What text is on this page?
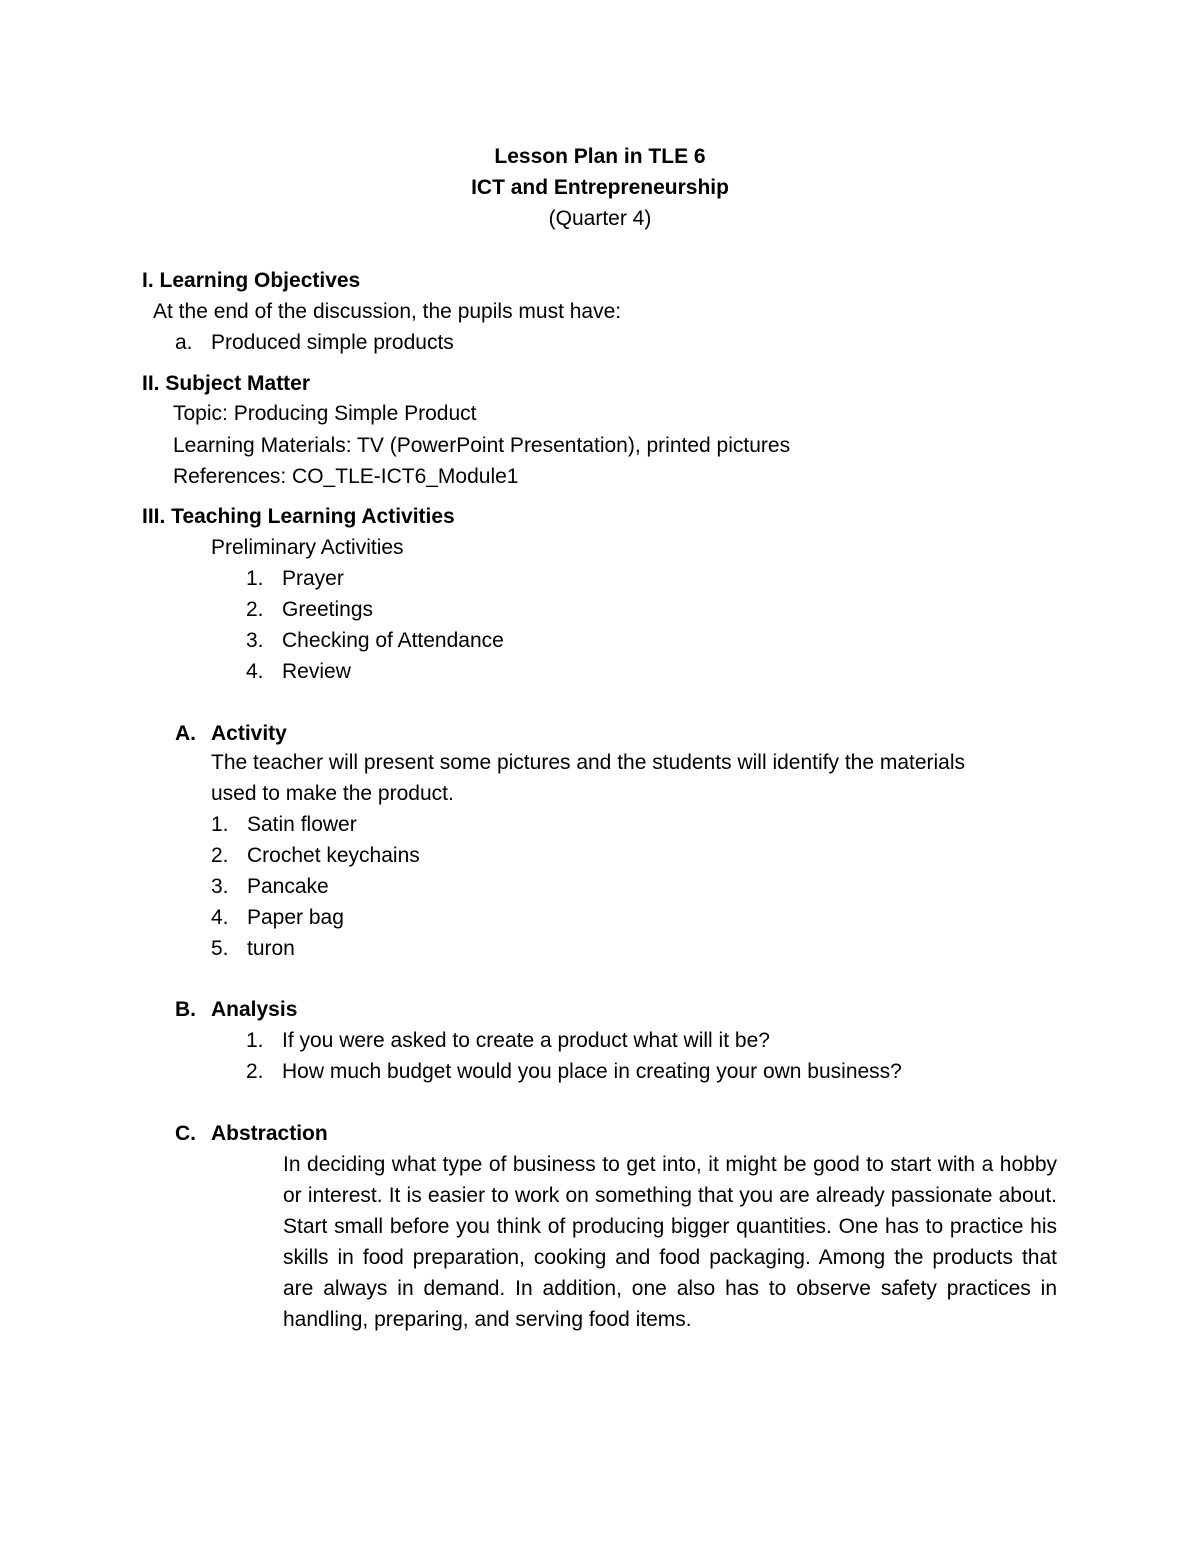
Lesson Plan in TLE 6
ICT and Entrepreneurship
(Quarter 4)
I. Learning Objectives
At the end of the discussion, the pupils must have:
a. Produced simple products
II. Subject Matter
Topic: Producing Simple Product
Learning Materials: TV (PowerPoint Presentation), printed pictures
References: CO_TLE-ICT6_Module1
III. Teaching Learning Activities
Preliminary Activities
1. Prayer
2. Greetings
3. Checking of Attendance
4. Review
A. Activity
The teacher will present some pictures and the students will identify the materials
used to make the product.
1. Satin flower
2. Crochet keychains
3. Pancake
4. Paper bag
5. turon
B. Analysis
1. If you were asked to create a product what will it be?
2. How much budget would you place in creating your own business?
C. Abstraction
In deciding what type of business to get into, it might be good to start with a hobby or interest. It is easier to work on something that you are already passionate about. Start small before you think of producing bigger quantities. One has to practice his skills in food preparation, cooking and food packaging. Among the products that are always in demand. In addition, one also has to observe safety practices in handling, preparing, and serving food items.
